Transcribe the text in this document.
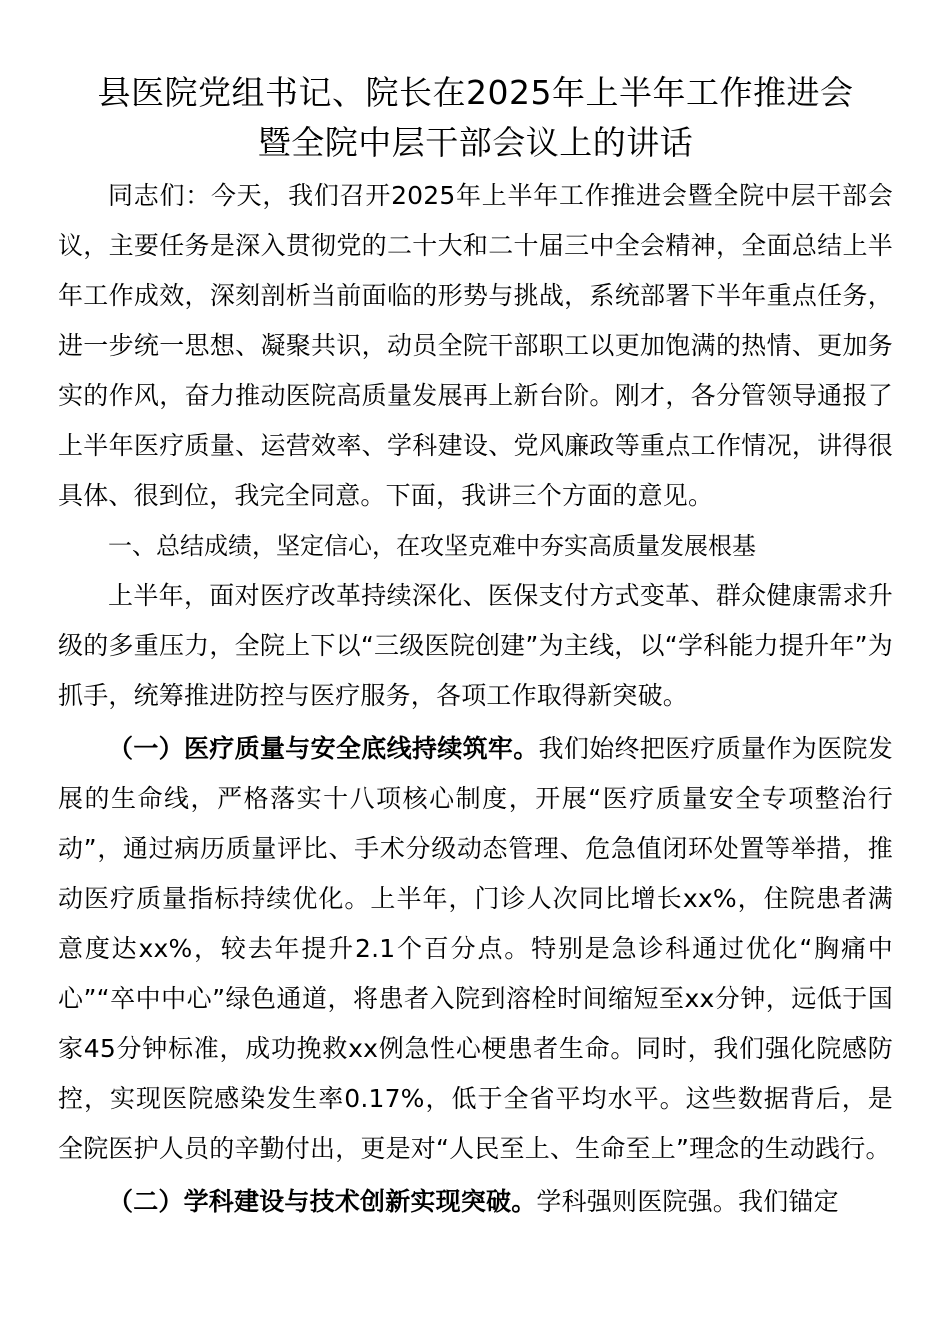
县医院党组书记、院长在2025年上半年工作推进会
暨全院中层干部会议上的讲话

同志们：今天，我们召开2025年上半年工作推进会暨全院中层干部会议，主要任务是深入贯彻党的二十大和二十届三中全会精神，全面总结上半年工作成效，深刻剖析当前面临的形势与挑战，系统部署下半年重点任务，进一步统一思想、凝聚共识，动员全院干部职工以更加饱满的热情、更加务实的作风，奋力推动医院高质量发展再上新台阶。刚才，各分管领导通报了上半年医疗质量、运营效率、学科建设、党风廉政等重点工作情况，讲得很具体、很到位，我完全同意。下面，我讲三个方面的意见。

一、总结成绩，坚定信心，在攻坚克难中夯实高质量发展根基

上半年，面对医疗改革持续深化、医保支付方式变革、群众健康需求升级的多重压力，全院上下以“三级医院创建”为主线，以“学科能力提升年”为抓手，统筹推进防控与医疗服务，各项工作取得新突破。

（一）医疗质量与安全底线持续筑牢。我们始终把医疗质量作为医院发展的生命线，严格落实十八项核心制度，开展“医疗质量安全专项整治行动”，通过病历质量评比、手术分级动态管理、危急值闭环处置等举措，推动医疗质量指标持续优化。上半年，门诊人次同比增长xx%，住院患者满意度达xx%，较去年提升2.1个百分点。特别是急诊科通过优化“胸痛中心”“卒中中心”绿色通道，将患者入院到溶栓时间缩短至xx分钟，远低于国家45分钟标准，成功挽救xx例急性心梗患者生命。同时，我们强化院感防控，实现医院感染发生率0.17%，低于全省平均水平。这些数据背后，是全院医护人员的辛勤付出，更是对“人民至上、生命至上”理念的生动践行。

（二）学科建设与技术创新实现突破。学科强则医院强。我们锚定
